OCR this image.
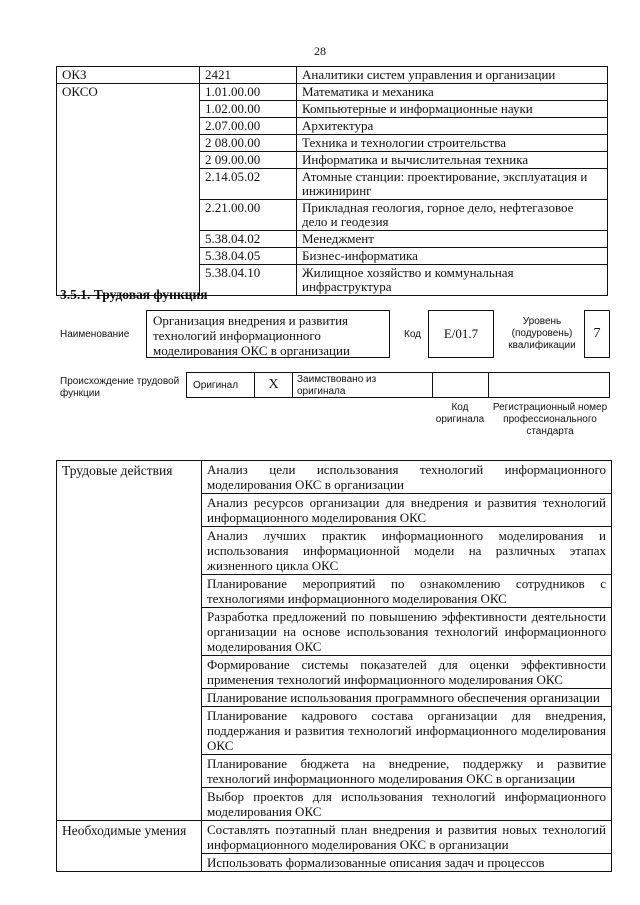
28
ОКЗ	2421	Аналитики систем управления и организации
ОКСО	1.01.00.00	Математика и механика
	1.02.00.00	Компьютерные и информационные науки
	2.07.00.00	Архитектура
	2 08.00.00	Техника и технологии строительства
	2 09.00.00	Информатика и вычислительная техника
	2.14.05.02	Атомные станции: проектирование, эксплуатация и инжиниринг
	2.21.00.00	Прикладная геология, горное дело, нефтегазовое дело и геодезия
	5.38.04.02	Менеджмент
	5.38.04.05	Бизнес-информатика
	5.38.04.10	Жилищное хозяйство и коммунальная инфраструктура
3.5.1. Трудовая функция
Наименование
Организация внедрения и развития технологий информационного моделирования ОКС в организации
Код	E/01.7
Уровень (подуровень) квалификации
7
Происхождение трудовой функции
Оригинал	X	Заимствовано из оригинала
Код оригинала
Регистрационный номер профессионального стандарта
Трудовые действия	Анализ цели использования технологий информационного моделирования ОКС в организации
	Анализ ресурсов организации для внедрения и развития технологий информационного моделирования ОКС
	Анализ лучших практик информационного моделирования и использования информационной модели на различных этапах жизненного цикла ОКС
	Планирование мероприятий по ознакомлению сотрудников с технологиями информационного моделирования ОКС
	Разработка предложений по повышению эффективности деятельности организации на основе использования технологий информационного моделирования ОКС
	Формирование системы показателей для оценки эффективности применения технологий информационного моделирования ОКС
	Планирование использования программного обеспечения организации
	Планирование кадрового состава организации для внедрения, поддержания и развития технологий информационного моделирования ОКС
	Планирование бюджета на внедрение, поддержку и развитие технологий информационного моделирования ОКС в организации
	Выбор проектов для использования технологий информационного моделирования ОКС
Необходимые умения	Составлять поэтапный план внедрения и развития новых технологий информационного моделирования ОКС в организации
	Использовать формализованные описания задач и процессов
